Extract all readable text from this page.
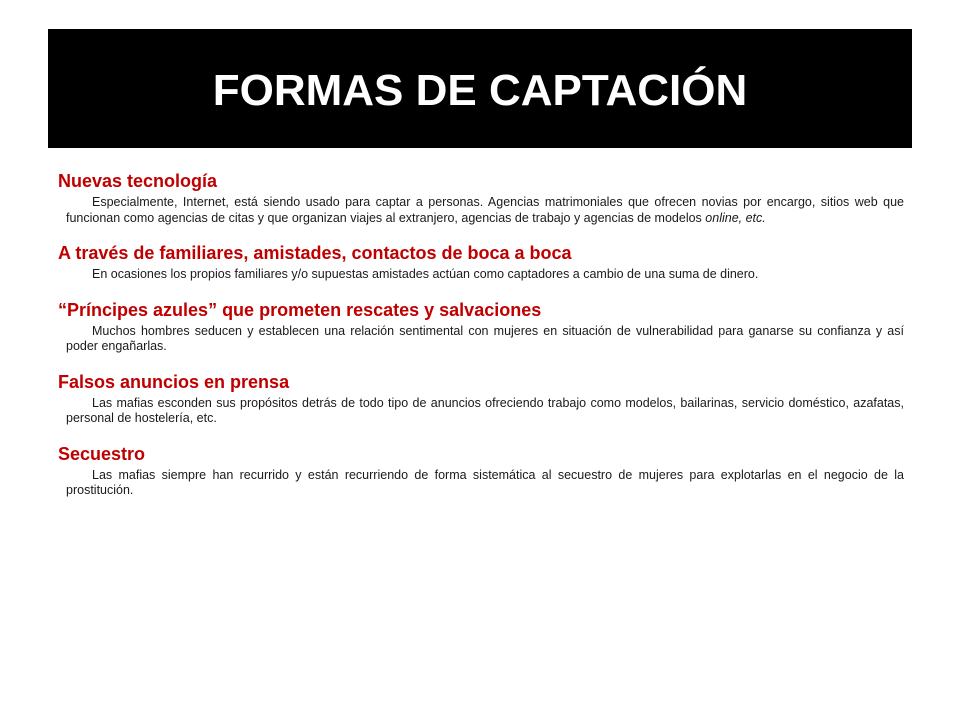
FORMAS DE CAPTACIÓN

Nuevas tecnología

Especialmente, Internet, está siendo usado para captar a personas. Agencias matrimoniales que ofrecen novias por encargo, sitios web que funcionan como agencias de citas y que organizan viajes al extranjero, agencias de trabajo y agencias de modelos online, etc.

A través de familiares, amistades, contactos de boca a boca

En ocasiones los propios familiares y/o supuestas amistades actúan como captadores a cambio de una suma de dinero.

“Príncipes azules” que prometen rescates y salvaciones

Muchos hombres seducen y establecen una relación sentimental con mujeres en situación de vulnerabilidad para ganarse su confianza y así poder engañarlas.

Falsos anuncios en prensa

Las mafias esconden sus propósitos detrás de todo tipo de anuncios ofreciendo trabajo como modelos, bailarinas, servicio doméstico, azafatas, personal de hostelería, etc.

Secuestro

Las mafias siempre han recurrido y están recurriendo de forma sistemática al secuestro de mujeres para explotarlas en el negocio de la prostitución.
